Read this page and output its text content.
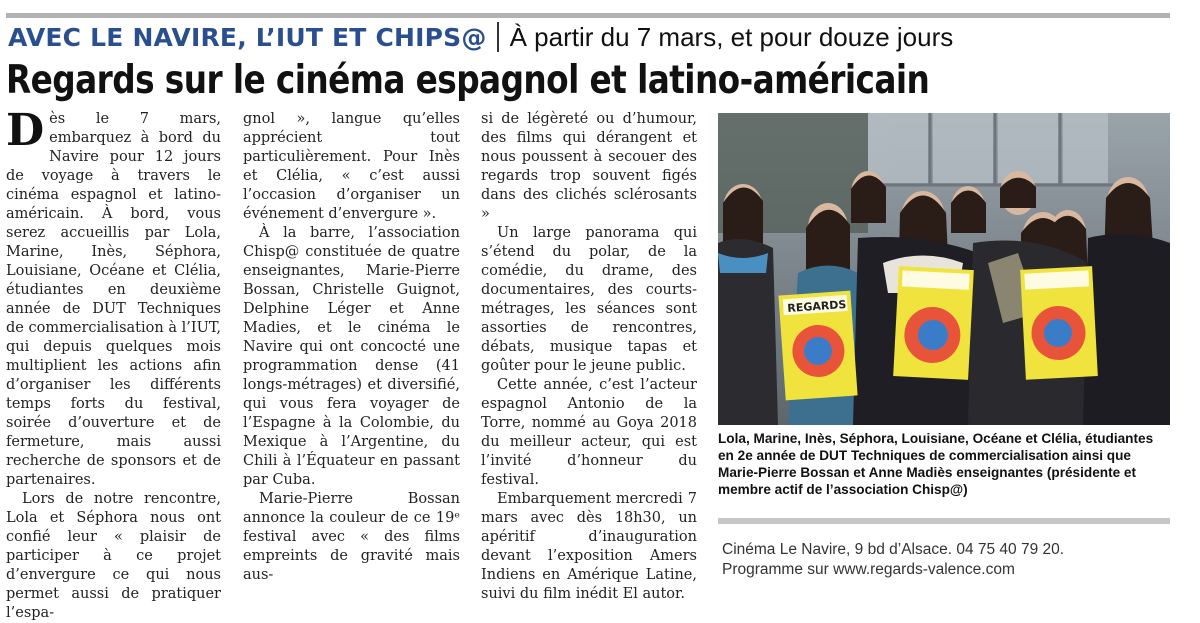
AVEC LE NAVIRE, L’IUT ET CHIPS@ À partir du 7 mars, et pour douze jours
Regards sur le cinéma espagnol et latino-américain

Dès le 7 mars, embarquez à bord du Navire pour 12 jours de voyage à travers le cinéma espagnol et latino-américain. À bord, vous serez accueillis par Lola, Marine, Inès, Séphora, Louisiane, Océane et Clélia, étudiantes en deuxième année de DUT Techniques de commercialisation à l’IUT, qui depuis quelques mois multiplient les actions afin d’organiser les différents temps forts du festival, soirée d’ouverture et de fermeture, mais aussi recherche de sponsors et de partenaires.

Lors de notre rencontre, Lola et Séphora nous ont confié leur « plaisir de participer à ce projet d’envergure ce qui nous permet aussi de pratiquer l’espa-

gnol », langue qu’elles apprécient tout particulièrement. Pour Inès et Clélia, « c’est aussi l’occasion d’organiser un événement d’envergure ».

À la barre, l’association Chisp@ constituée de quatre enseignantes, Marie-Pierre Bossan, Christelle Guignot, Delphine Léger et Anne Madies, et le cinéma le Navire qui ont concocté une programmation dense (41 longs-métrages) et diversifié, qui vous fera voyager de l’Espagne à la Colombie, du Mexique à l’Argentine, du Chili à l’Équateur en passant par Cuba.

Marie-Pierre Bossan annonce la couleur de ce 19ᵉ festival avec « des films empreints de gravité mais aus-

si de légèreté ou d’humour, des films qui dérangent et nous poussent à secouer des regards trop souvent figés dans des clichés sclérosants »

Un large panorama qui s’étend du polar, de la comédie, du drame, des documentaires, des courts-métrages, les séances sont assorties de rencontres, débats, musique tapas et goûter pour le jeune public.

Cette année, c’est l’acteur espagnol Antonio de la Torre, nommé au Goya 2018 du meilleur acteur, qui est l’invité d’honneur du festival.

Embarquement mercredi 7 mars avec dès 18h30, un apéritif d’inauguration devant l’exposition Amers Indiens en Amérique Latine, suivi du film inédit El autor.

REGARDS
Lola, Marine, Inès, Séphora, Louisiane, Océane et Clélia, étudiantes en 2e année de DUT Techniques de commercialisation ainsi que Marie-Pierre Bossan et Anne Madiès enseignantes (présidente et membre actif de l’association Chisp@)
Cinéma Le Navire, 9 bd d’Alsace. 04 75 40 79 20.
Programme sur www.regards-valence.com
